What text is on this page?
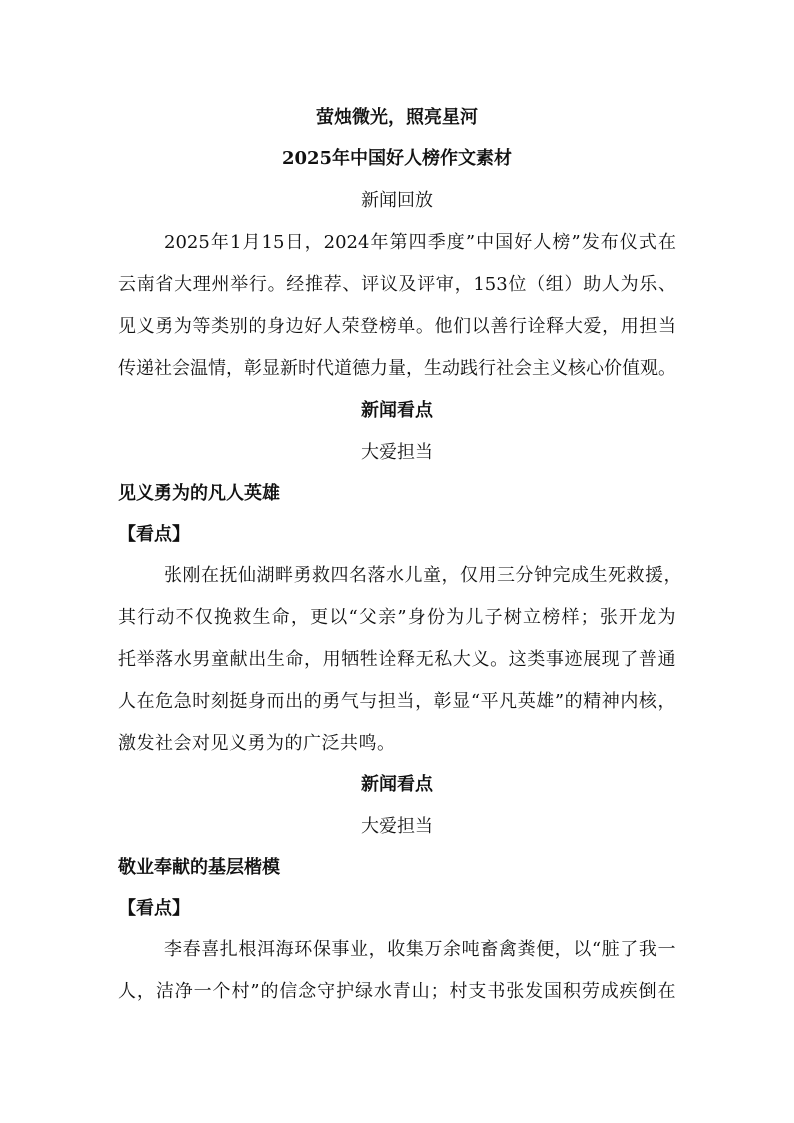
萤烛微光，照亮星河
2025年中国好人榜作文素材
新闻回放
2025年1月15日，2024年第四季度”中国好人榜”发布仪式在
云南省大理州举行。经推荐、评议及评审，153位（组）助人为乐、
见义勇为等类别的身边好人荣登榜单。他们以善行诠释大爱，用担当
传递社会温情，彰显新时代道德力量，生动践行社会主义核心价值观。
新闻看点
大爱担当
见义勇为的凡人英雄
【看点】
张刚在抚仙湖畔勇救四名落水儿童，仅用三分钟完成生死救援，
其行动不仅挽救生命，更以“父亲”身份为儿子树立榜样；张开龙为
托举落水男童献出生命，用牺牲诠释无私大义。这类事迹展现了普通
人在危急时刻挺身而出的勇气与担当，彰显“平凡英雄”的精神内核，
激发社会对见义勇为的广泛共鸣。
新闻看点
大爱担当
敬业奉献的基层楷模
【看点】
李春喜扎根洱海环保事业，收集万余吨畜禽粪便，以“脏了我一
人，洁净一个村”的信念守护绿水青山；村支书张发国积劳成疾倒在
